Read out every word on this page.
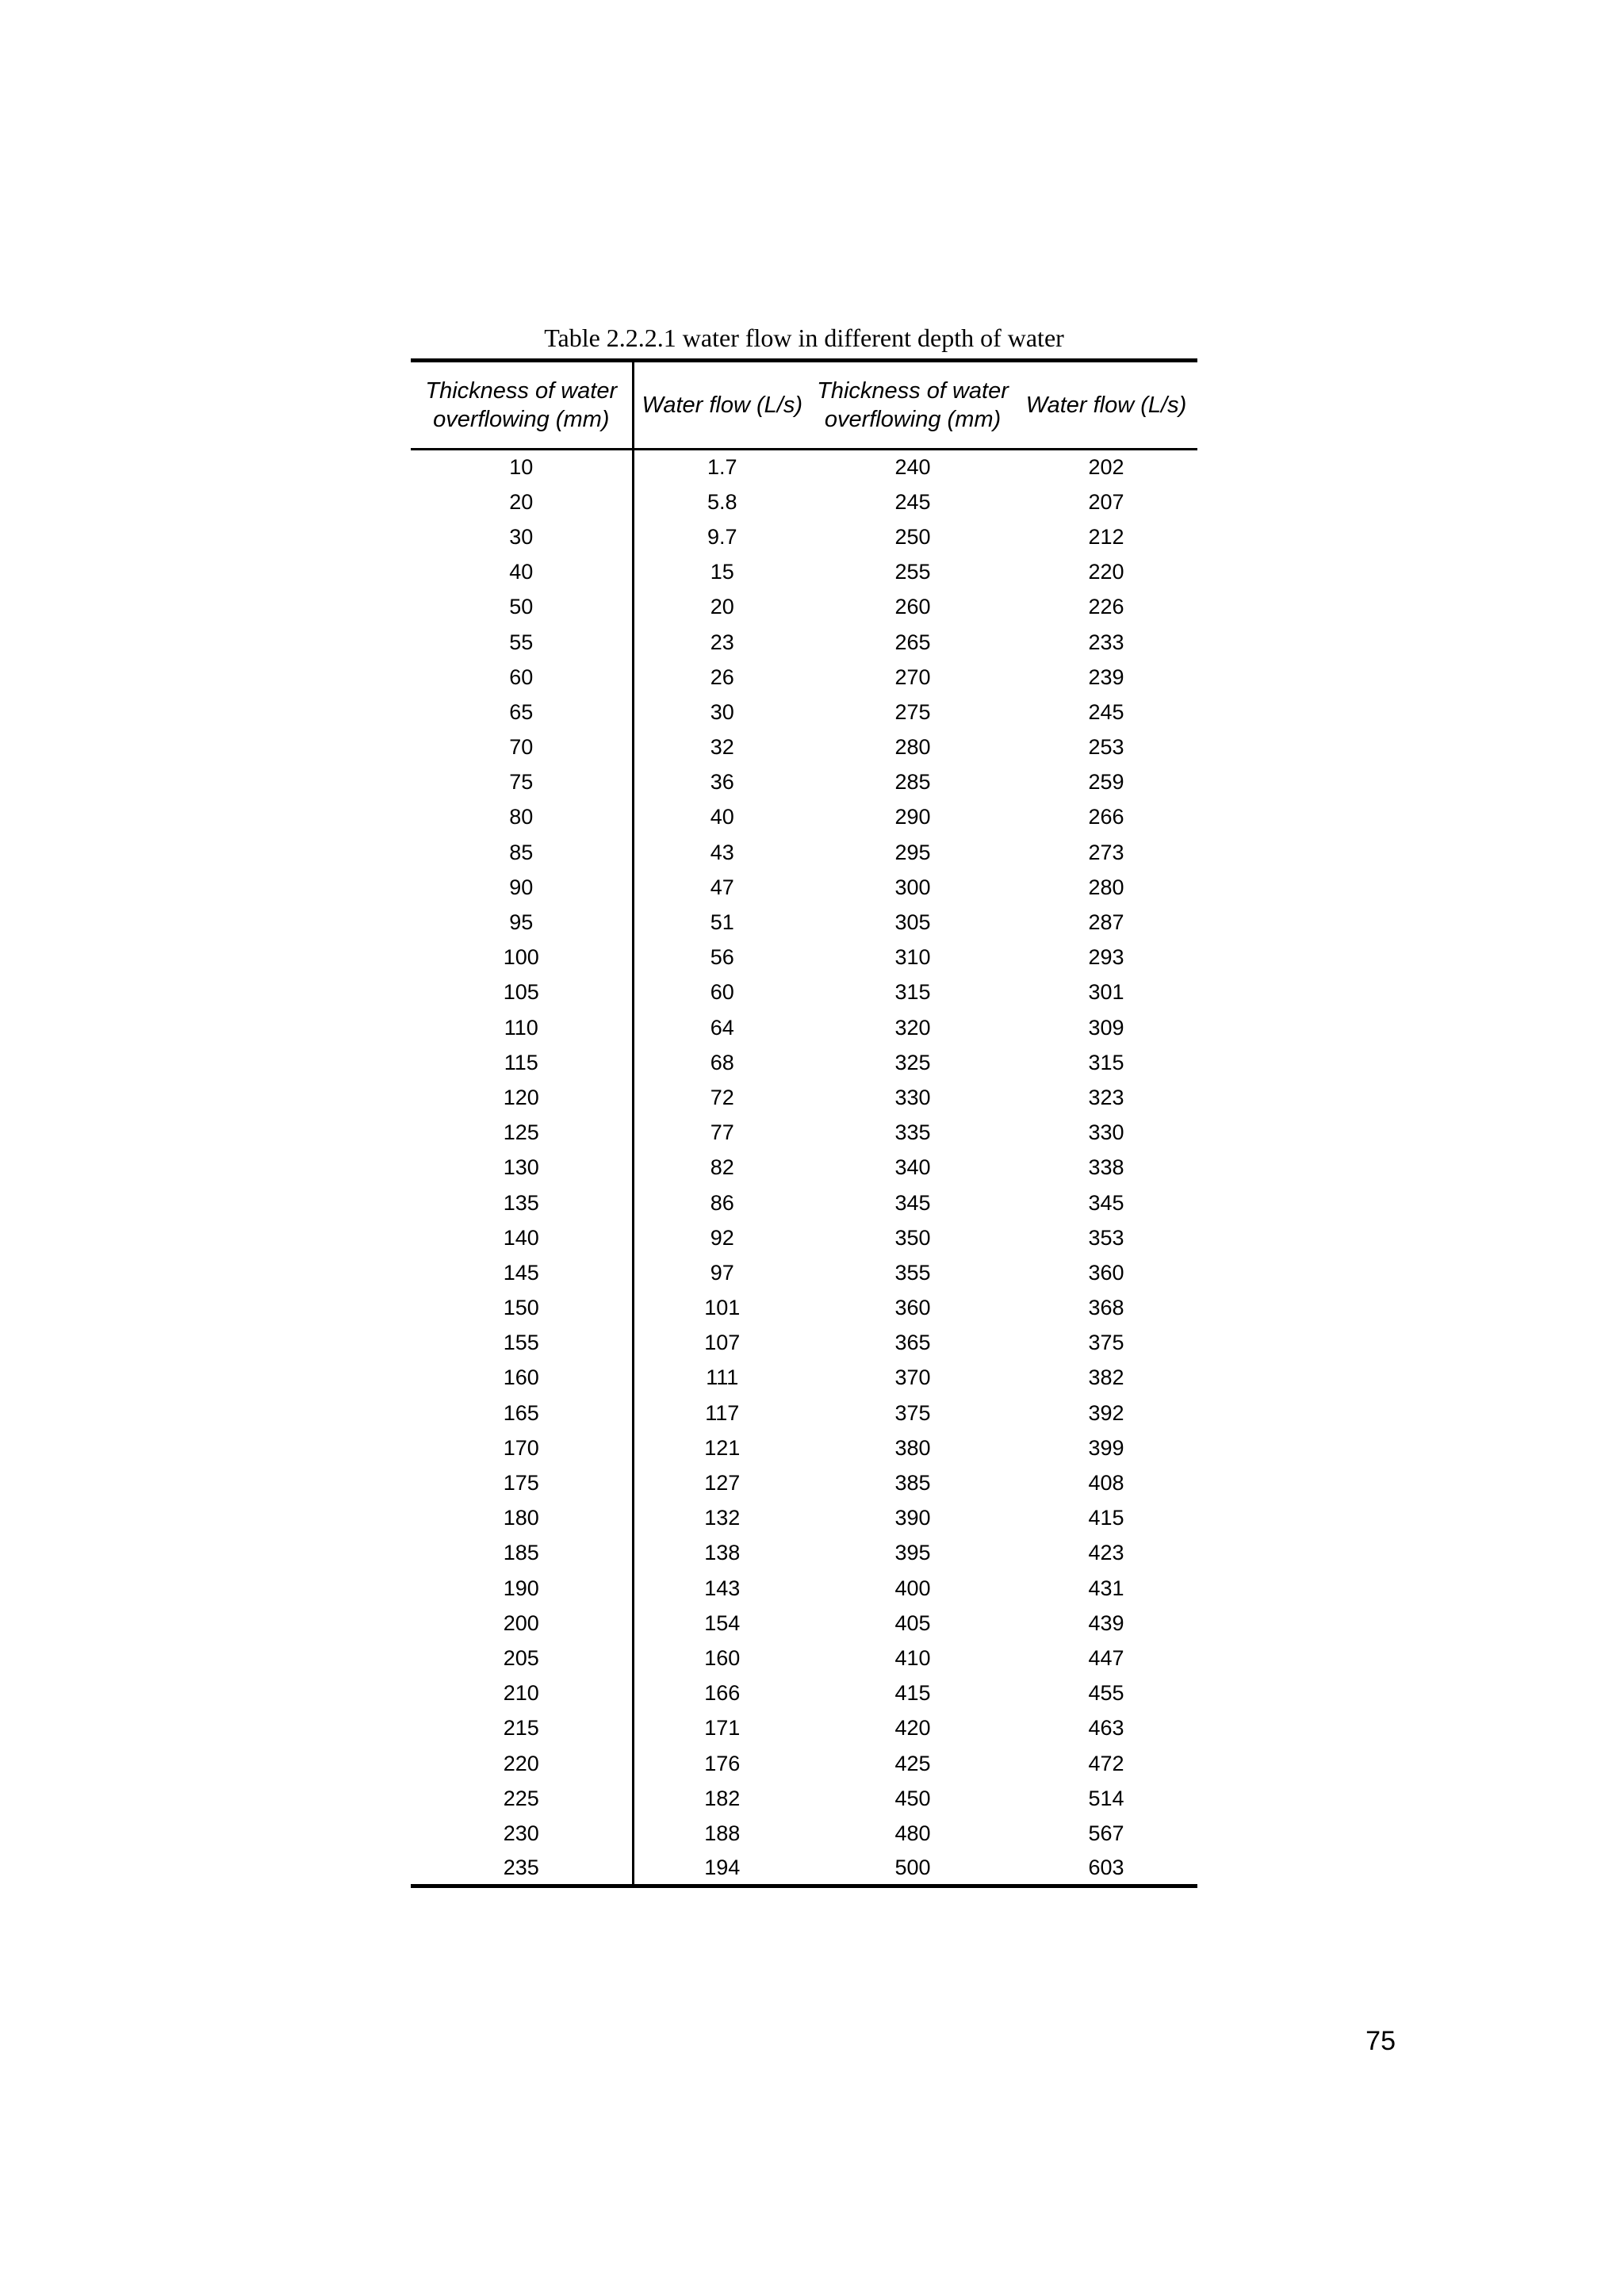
Table 2.2.2.1 water flow in different depth of water
Thickness of water overflowing (mm)	Water flow (L/s)	Thickness of water overflowing (mm)	Water flow (L/s)
10	1.7	240	202
20	5.8	245	207
30	9.7	250	212
40	15	255	220
50	20	260	226
55	23	265	233
60	26	270	239
65	30	275	245
70	32	280	253
75	36	285	259
80	40	290	266
85	43	295	273
90	47	300	280
95	51	305	287
100	56	310	293
105	60	315	301
110	64	320	309
115	68	325	315
120	72	330	323
125	77	335	330
130	82	340	338
135	86	345	345
140	92	350	353
145	97	355	360
150	101	360	368
155	107	365	375
160	111	370	382
165	117	375	392
170	121	380	399
175	127	385	408
180	132	390	415
185	138	395	423
190	143	400	431
200	154	405	439
205	160	410	447
210	166	415	455
215	171	420	463
220	176	425	472
225	182	450	514
230	188	480	567
235	194	500	603
75
